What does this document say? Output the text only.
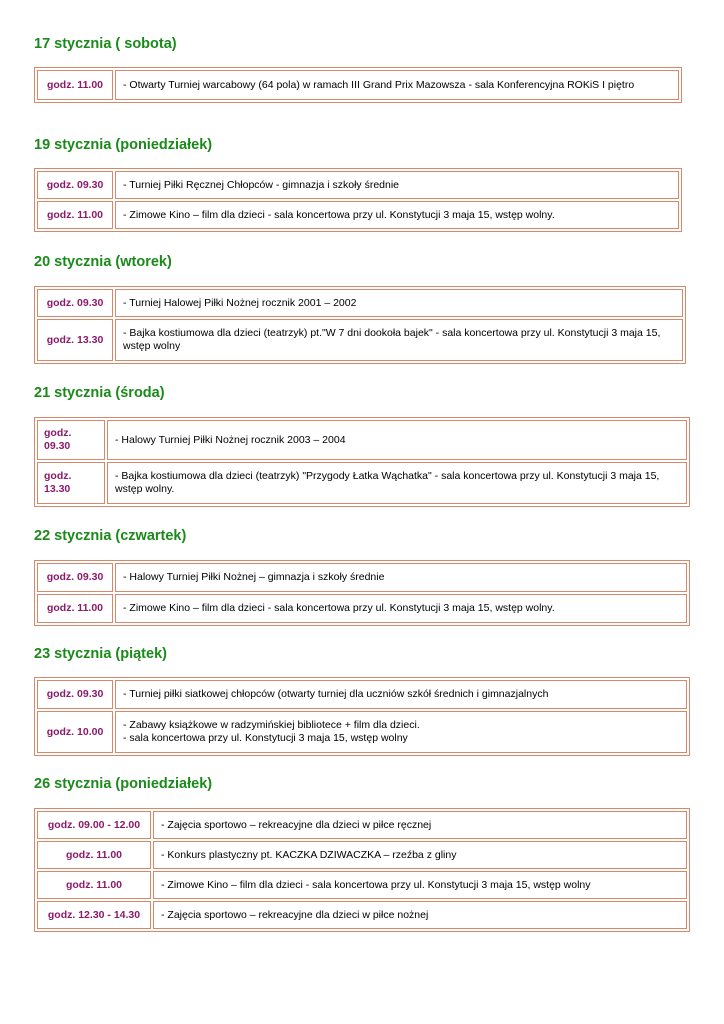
17 stycznia ( sobota)
godz. 11.00	- Otwarty Turniej warcabowy (64 pola) w ramach III Grand Prix Mazowsza - sala Konferencyjna ROKiS I piętro
19 stycznia (poniedziałek)
godz. 09.30	- Turniej Piłki Ręcznej Chłopców - gimnazja i szkoły średnie
godz. 11.00	- Zimowe Kino – film dla dzieci - sala koncertowa przy ul. Konstytucji 3 maja 15, wstęp wolny.
20 stycznia (wtorek)
godz. 09.30	- Turniej Halowej Piłki Nożnej rocznik 2001 – 2002
godz. 13.30	- Bajka kostiumowa dla dzieci (teatrzyk) pt."W 7 dni dookoła bajek" - sala koncertowa przy ul. Konstytucji 3 maja 15, wstęp wolny
21 stycznia (środa)
godz. 09.30	- Halowy Turniej Piłki Nożnej rocznik 2003 – 2004
godz. 13.30	- Bajka kostiumowa dla dzieci (teatrzyk) "Przygody Łatka Wąchatka" - sala koncertowa przy ul. Konstytucji 3 maja 15, wstęp wolny.
22 stycznia (czwartek)
godz. 09.30	- Halowy Turniej Piłki Nożnej – gimnazja i szkoły średnie
godz. 11.00	- Zimowe Kino – film dla dzieci - sala koncertowa przy ul. Konstytucji 3 maja 15, wstęp wolny.
23 stycznia (piątek)
godz. 09.30	- Turniej piłki siatkowej chłopców (otwarty turniej dla uczniów szkół średnich i gimnazjalnych
godz. 10.00	- Zabawy książkowe w radzymińskiej bibliotece + film dla dzieci.
- sala koncertowa przy ul. Konstytucji 3 maja 15, wstęp wolny
26 stycznia (poniedziałek)
godz. 09.00 - 12.00	- Zajęcia sportowo – rekreacyjne dla dzieci w piłce ręcznej
godz. 11.00	- Konkurs plastyczny pt. KACZKA DZIWACZKA – rzeźba z gliny
godz. 11.00	- Zimowe Kino – film dla dzieci - sala koncertowa przy ul. Konstytucji 3 maja 15, wstęp wolny
godz. 12.30 - 14.30	- Zajęcia sportowo – rekreacyjne dla dzieci w piłce nożnej
